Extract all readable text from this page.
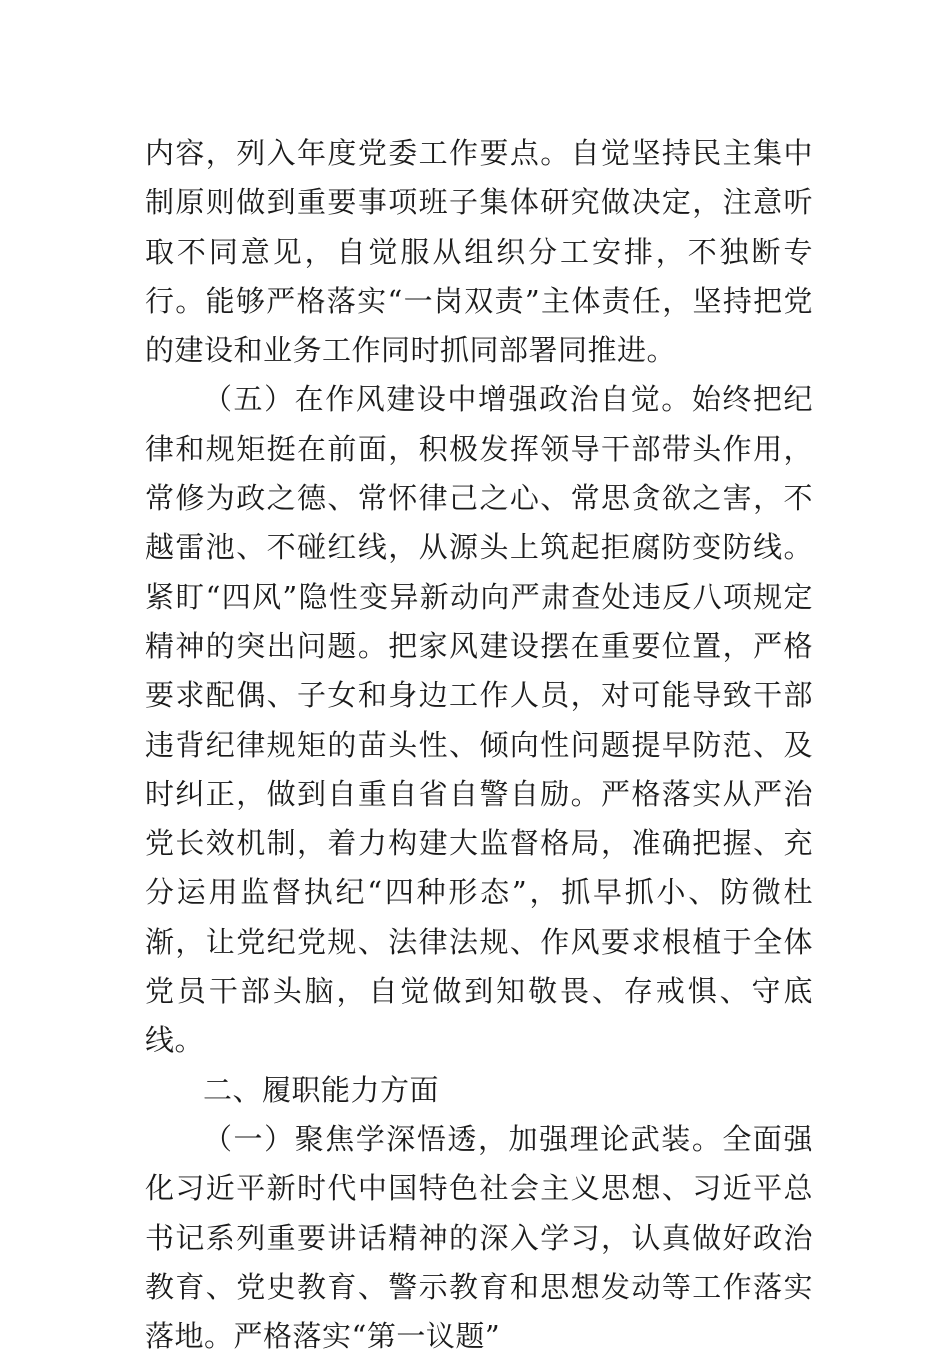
内容，列入年度党委工作要点。自觉坚持民主集中制原则做到重要事项班子集体研究做决定，注意听取不同意见，自觉服从组织分工安排，不独断专行。能够严格落实“一岗双责”主体责任，坚持把党的建设和业务工作同时抓同部署同推进。

（五）在作风建设中增强政治自觉。始终把纪律和规矩挺在前面，积极发挥领导干部带头作用，常修为政之德、常怀律己之心、常思贪欲之害，不越雷池、不碰红线，从源头上筑起拒腐防变防线。紧盯“四风”隐性变异新动向严肃查处违反八项规定精神的突出问题。把家风建设摆在重要位置，严格要求配偶、子女和身边工作人员，对可能导致干部违背纪律规矩的苗头性、倾向性问题提早防范、及时纠正，做到自重自省自警自励。严格落实从严治党长效机制，着力构建大监督格局，准确把握、充分运用监督执纪“四种形态”，抓早抓小、防微杜渐，让党纪党规、法律法规、作风要求根植于全体党员干部头脑，自觉做到知敬畏、存戒惧、守底线。

二、履职能力方面

（一）聚焦学深悟透，加强理论武装。全面强化习近平新时代中国特色社会主义思想、习近平总书记系列重要讲话精神的深入学习，认真做好政治教育、党史教育、警示教育和思想发动等工作落实落地。严格落实“第一议题”
